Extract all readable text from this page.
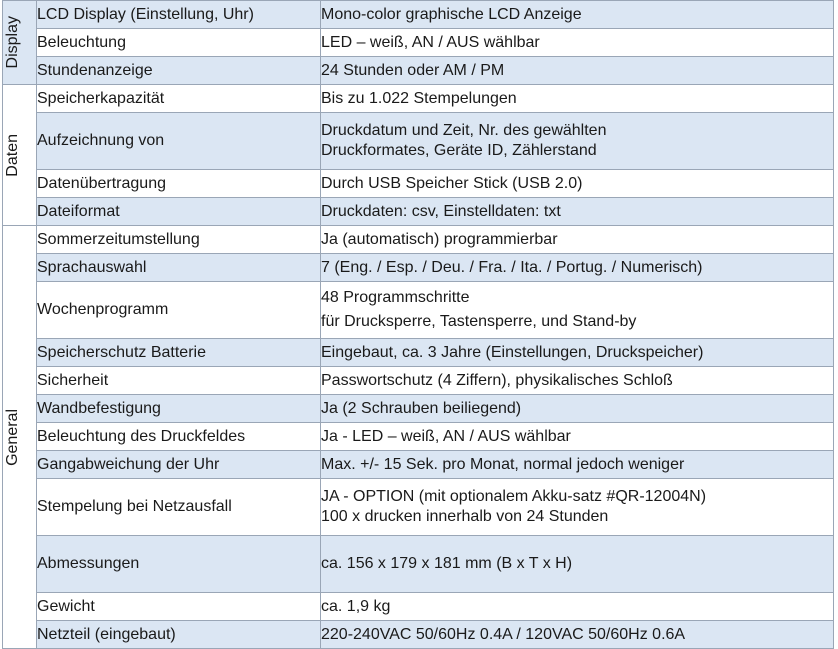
Display	LCD Display (Einstellung, Uhr)	Mono-color graphische LCD Anzeige

	Beleuchtung	LED – weiß, AN / AUS wählbar

	Stundenanzeige	24 Stunden oder AM / PM

Daten	Speicherkapazität	Bis zu 1.022 Stempelungen

	Aufzeichnung von	Druckdatum und Zeit, Nr. des gewählten
Druckformates, Geräte ID, Zählerstand

	Datenübertragung	Durch USB Speicher Stick (USB 2.0)

	Dateiformat	Druckdaten: csv, Einstelldaten: txt

General	Sommerzeitumstellung	Ja (automatisch) programmierbar

	Sprachauswahl	7 (Eng. / Esp. / Deu. / Fra. / Ita. / Portug. / Numerisch)

	Wochenprogramm	48 Programmschritte
für Drucksperre, Tastensperre, und Stand-by

	Speicherschutz Batterie	Eingebaut, ca. 3 Jahre (Einstellungen, Druckspeicher)

	Sicherheit	Passwortschutz (4 Ziffern), physikalisches Schloß

	Wandbefestigung	Ja (2 Schrauben beiliegend)

	Beleuchtung des Druckfeldes	Ja - LED – weiß, AN / AUS wählbar

	Gangabweichung der Uhr	Max. +/- 15 Sek. pro Monat, normal jedoch weniger

	Stempelung bei Netzausfall	JA - OPTION (mit optionalem Akku-satz #QR-12004N)
100 x drucken innerhalb von 24 Stunden

	Abmessungen	ca. 156 x 179 x 181 mm (B x T x H)

	Gewicht	ca. 1,9 kg

	Netzteil (eingebaut)	220-240VAC 50/60Hz 0.4A / 120VAC 50/60Hz 0.6A
